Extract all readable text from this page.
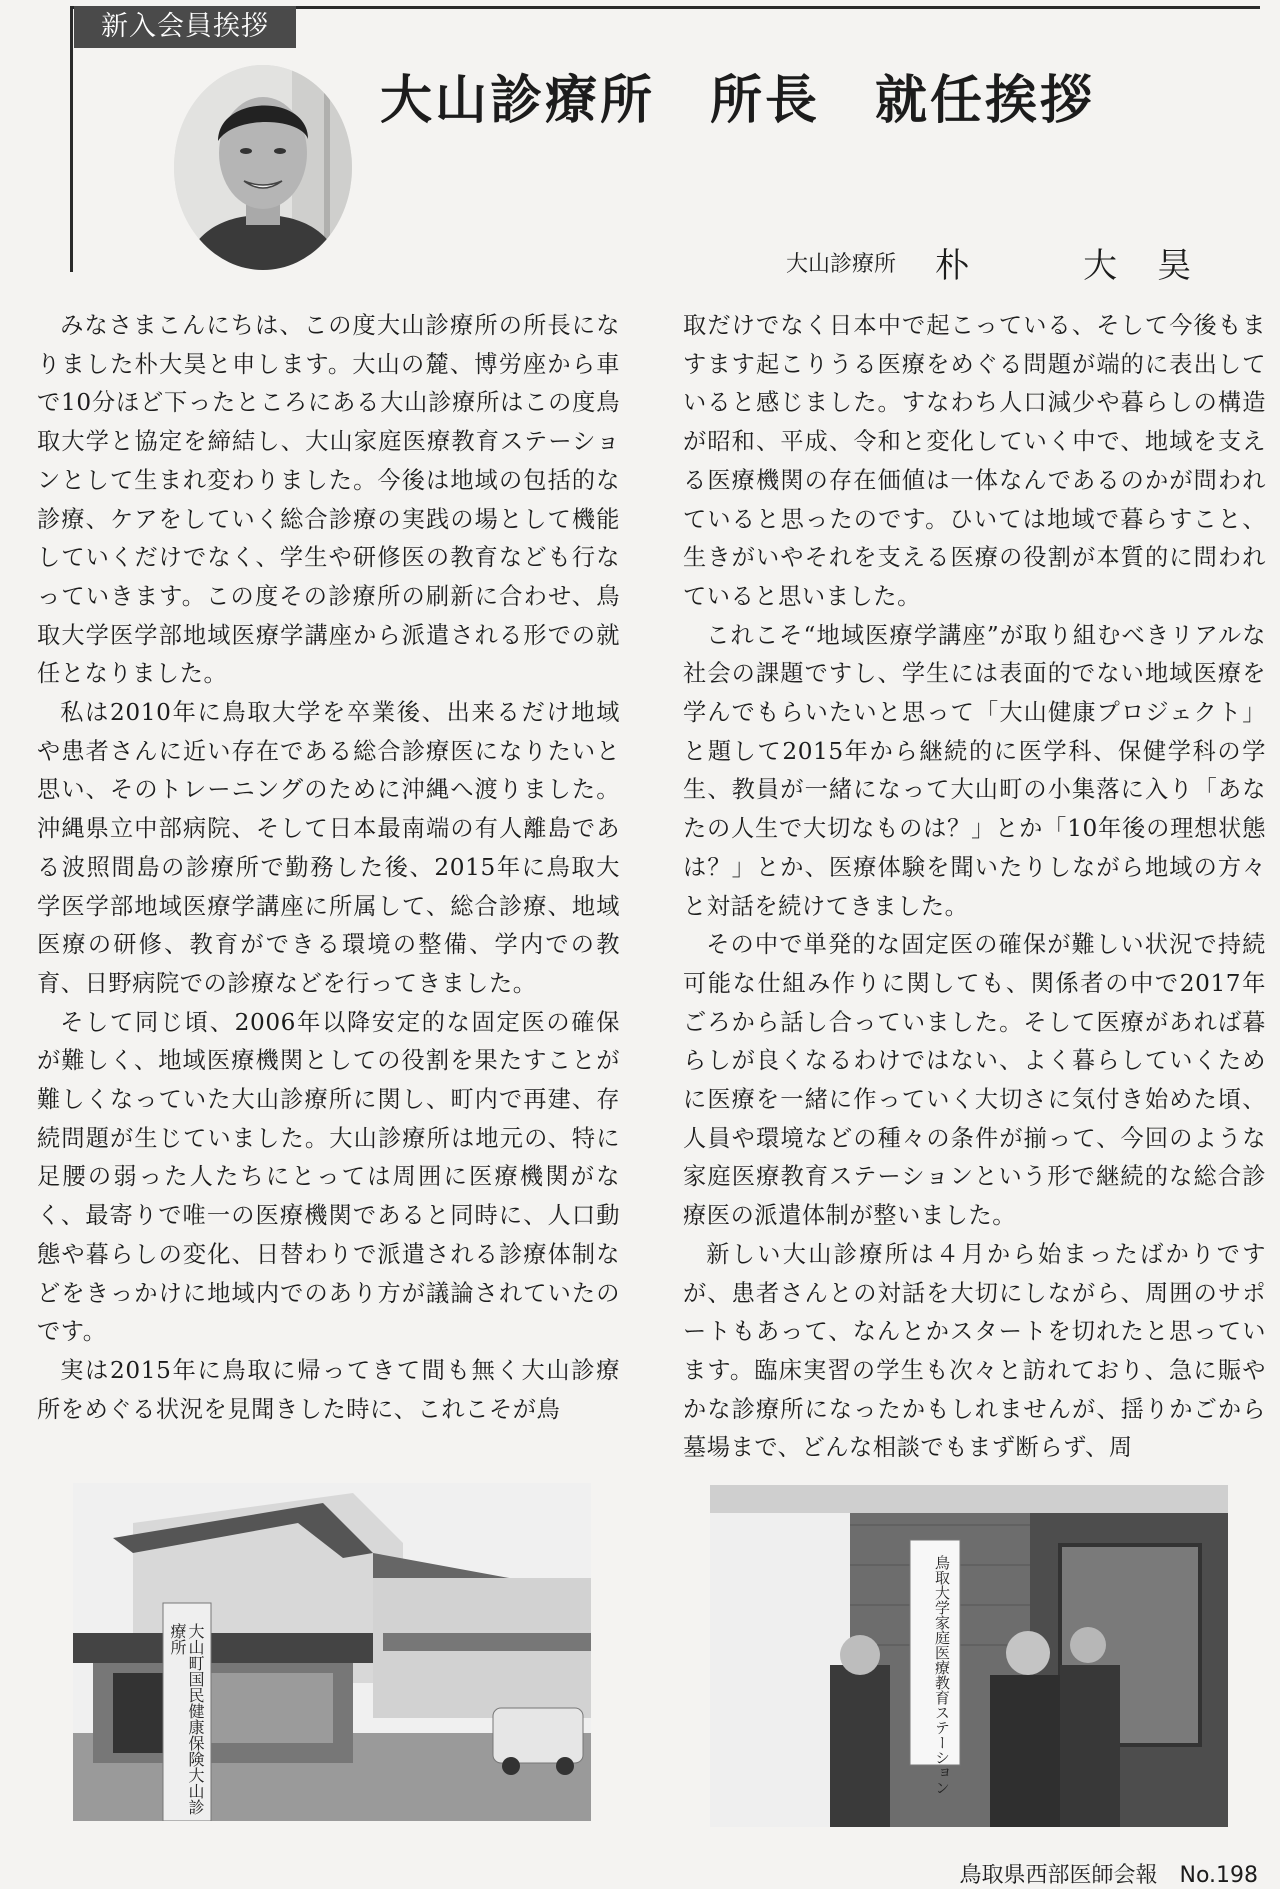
新入会員挨拶
大山診療所　所長　就任挨拶
大山診療所 朴　　　大　昊

みなさまこんにちは、この度大山診療所の所長になりました朴大昊と申します。大山の麓、博労座から車で10分ほど下ったところにある大山診療所はこの度鳥取大学と協定を締結し、大山家庭医療教育ステーションとして生まれ変わりました。今後は地域の包括的な診療、ケアをしていく総合診療の実践の場として機能していくだけでなく、学生や研修医の教育なども行なっていきます。この度その診療所の刷新に合わせ、鳥取大学医学部地域医療学講座から派遣される形での就任となりました。

私は2010年に鳥取大学を卒業後、出来るだけ地域や患者さんに近い存在である総合診療医になりたいと思い、そのトレーニングのために沖縄へ渡りました。沖縄県立中部病院、そして日本最南端の有人離島である波照間島の診療所で勤務した後、2015年に鳥取大学医学部地域医療学講座に所属して、総合診療、地域医療の研修、教育ができる環境の整備、学内での教育、日野病院での診療などを行ってきました。

そして同じ頃、2006年以降安定的な固定医の確保が難しく、地域医療機関としての役割を果たすことが難しくなっていた大山診療所に関し、町内で再建、存続問題が生じていました。大山診療所は地元の、特に足腰の弱った人たちにとっては周囲に医療機関がなく、最寄りで唯一の医療機関であると同時に、人口動態や暮らしの変化、日替わりで派遣される診療体制などをきっかけに地域内でのあり方が議論されていたのです。

実は2015年に鳥取に帰ってきて間も無く大山診療所をめぐる状況を見聞きした時に、これこそが鳥

取だけでなく日本中で起こっている、そして今後もますます起こりうる医療をめぐる問題が端的に表出していると感じました。すなわち人口減少や暮らしの構造が昭和、平成、令和と変化していく中で、地域を支える医療機関の存在価値は一体なんであるのかが問われていると思ったのです。ひいては地域で暮らすこと、生きがいやそれを支える医療の役割が本質的に問われていると思いました。

これこそ“地域医療学講座”が取り組むべきリアルな社会の課題ですし、学生には表面的でない地域医療を学んでもらいたいと思って「大山健康プロジェクト」と題して2015年から継続的に医学科、保健学科の学生、教員が一緒になって大山町の小集落に入り「あなたの人生で大切なものは？」とか「10年後の理想状態は？」とか、医療体験を聞いたりしながら地域の方々と対話を続けてきました。

その中で単発的な固定医の確保が難しい状況で持続可能な仕組み作りに関しても、関係者の中で2017年ごろから話し合っていました。そして医療があれば暮らしが良くなるわけではない、よく暮らしていくために医療を一緒に作っていく大切さに気付き始めた頃、人員や環境などの種々の条件が揃って、今回のような家庭医療教育ステーションという形で継続的な総合診療医の派遣体制が整いました。

新しい大山診療所は４月から始まったばかりですが、患者さんとの対話を大切にしながら、周囲のサポートもあって、なんとかスタートを切れたと思っています。臨床実習の学生も次々と訪れており、急に賑やかな診療所になったかもしれませんが、揺りかごから墓場まで、どんな相談でもまず断らず、周

大山町国民健康保険大山診療所	鳥取大学家庭医療教育ステーション
鳥取県西部医師会報　No.198
